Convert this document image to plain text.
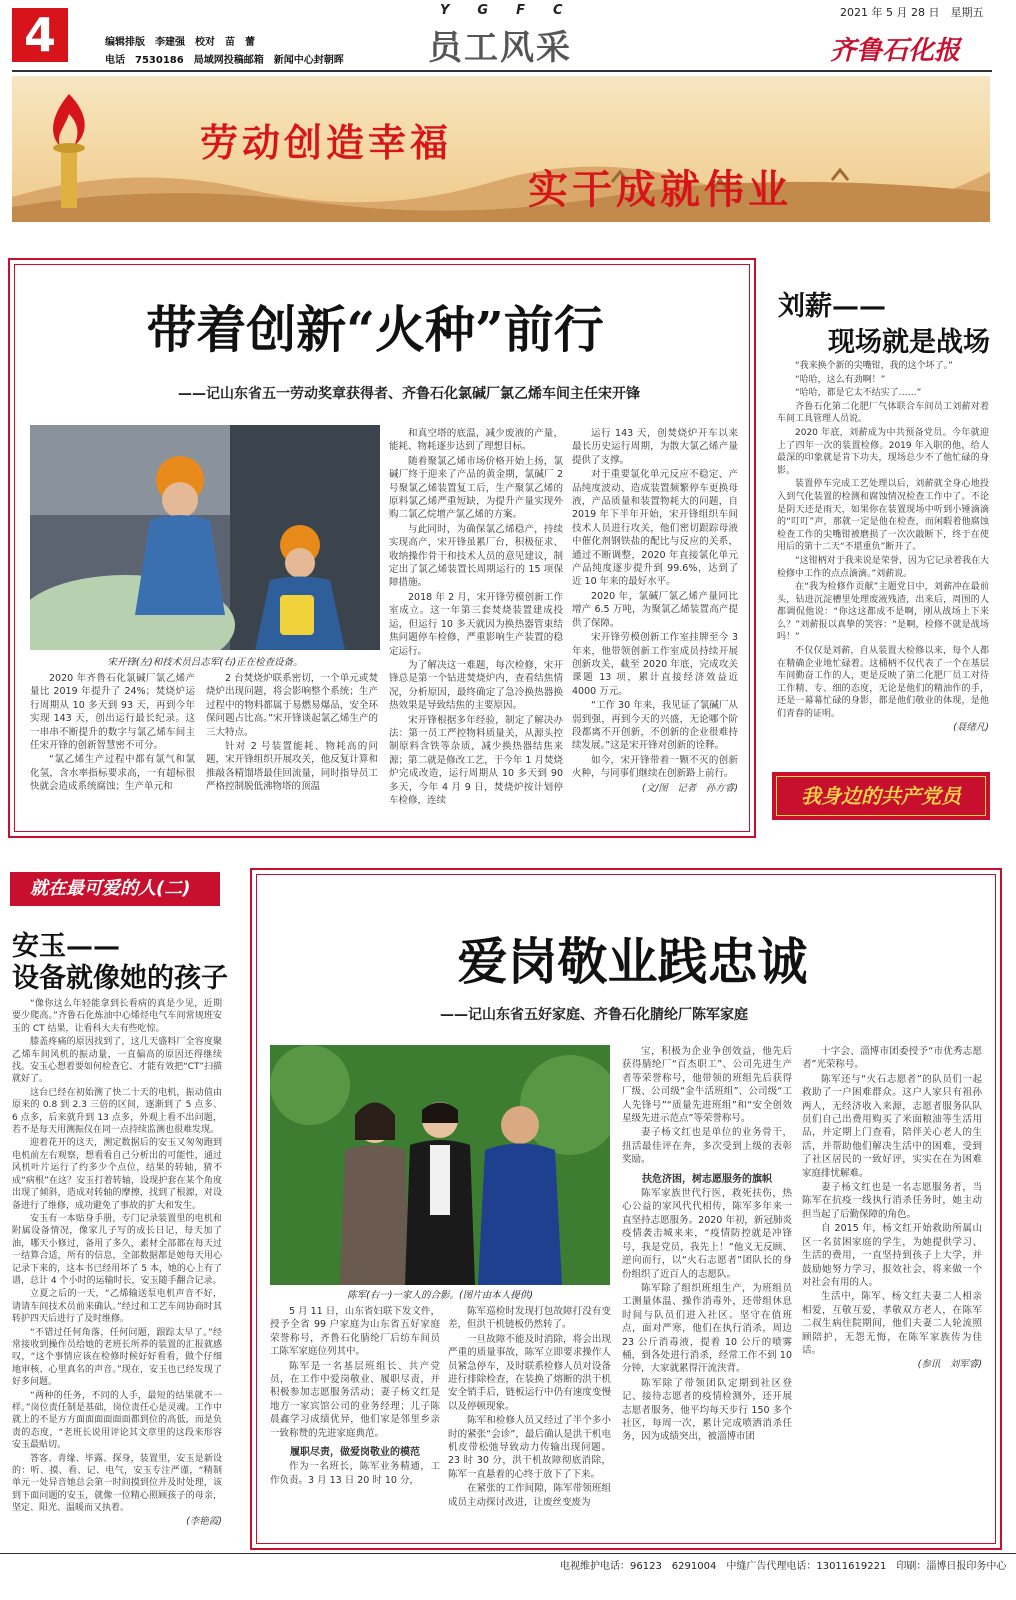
4	编辑排版　李建强　校对　苗　蕾
电话　7530186　局域网投稿邮箱　新闻中心封朝晖
YGFC
员工风采
2021 年 5 月 28 日　星期五
齐鲁石化报
劳动创造幸福
实干成就伟业
带着创新“火种”前行
——记山东省五一劳动奖章获得者、齐鲁石化氯碱厂氯乙烯车间主任宋开锋
宋开锋(左)和技术员吕志军(右)正在检查设备。

2020 年齐鲁石化氯碱厂氯乙烯产量比 2019 年提升了 24%；焚烧炉运行周期从 10 多天到 93 天，再到今年实现 143 天，创出运行最长纪录。这一串串不断提升的数字与氯乙烯车间主任宋开锋的创新智慧密不可分。

“氯乙烯生产过程中都有氯气和氯化氢，含水率指标要求高，一有超标很快就会造成系统腐蚀；生产单元和

2 台焚烧炉联系密切，一个单元或焚烧炉出现问题，将会影响整个系统；生产过程中的物料都属于易燃易爆品，安全环保问题占比高。”宋开锋谈起氯乙烯生产的三大特点。

针对 2 号装置能耗、物耗高的问题，宋开锋组织开展攻关，他反复计算和推敲各精馏塔最佳回流量，同时指导员工严格控制脱低沸物塔的顶温

和真空塔的底温，减少废液的产量，能耗、物耗逐步达到了理想目标。

随着聚氯乙烯市场价格开始上扬，氯碱厂终于迎来了产品的黄金期，氯碱厂 2 号聚氯乙烯装置复工后，生产聚氯乙烯的原料氯乙烯严重短缺，为提升产量实现外购二氯乙烷增产氯乙烯的方案。

与此同时，为确保氯乙烯稳产，持续实现高产，宋开锋虽累厂台，积极征求、收纳操作骨干和技术人员的意见建议，制定出了氯乙烯装置长周期运行的 15 项保障措施。

2018 年 2 月，宋开锋劳模创新工作室成立。这一年第三套焚烧装置建成投运，但运行 10 多天就因为换热器管束结焦问题停车检修，严重影响生产装置的稳定运行。

为了解决这一难题，每次检修，宋开锋总是第一个钻进焚烧炉内，查看结焦情况，分析原因，最终确定了急冷换热器换热效果是导致结焦的主要原因。

宋开锋根据多年经验，制定了解决办法：第一员工严控物料质量关，从源头控制原料含铁等杂质，减少换热器结焦来源；第二就是修改工艺，于今年 1 月焚烧炉完成改造，运行周期从 10 多天到 90 多天，今年 4 月 9 日，焚烧炉按计划停车检修，连续

运行 143 天，创焚烧炉开车以来最长历史运行周期，为散大氯乙烯产量提供了支撑。

对于重要氯化单元反应不稳定、产品纯度波动、造成装置频繁停车更换母液，产品质量和装置物耗大的问题，自 2019 年下半年开始，宋开锋组织车间技术人员进行攻关，他们密切跟踪母液中催化剂钢铁盐的配比与反应的关系，通过不断调整，2020 年直接氯化单元产品纯度逐步提升到 99.6%，达到了近 10 年来的最好水平。

2020 年，氯碱厂氯乙烯产量同比增产 6.5 万吨，为聚氯乙烯装置高产提供了保障。

宋开锋劳模创新工作室挂牌至今 3 年来，他带领创新工作室成员持续开展创新攻关，截至 2020 年底，完成攻关课题 13 项，累计直接经济效益近 4000 万元。

“工作 30 年来，我见证了氯碱厂从弱到强，再到今天的兴盛，无论哪个阶段都离不开创新，不创新的企业很难持续发展。”这是宋开锋对创新的诠释。

如今，宋开锋带着一颗不灭的创新火种，与同事们继续在创新路上前行。

(文/图　记者　孙方睿)
刘薪——
现场就是战场

“我来换个新的尖嘴钳，我的这个坏了。”

“哈哈，这么有劲啊！”

“哈哈，都是它太不结实了……”

齐鲁石化第二化肥厂气体联合车间员工刘薪对着车间工具管理人员说。

2020 年底，刘薪成为中共预备党员。今年就迎上了四年一次的装置检修。2019 年入职的他，给人最深的印象就是肯下功夫，现场总少不了他忙碌的身影。

装置停车完成工艺处理以后，刘薪就全身心地投入到气化装置的检测和腐蚀情况检查工作中了。不论是阴天还是雨天，如果你在装置现场中听到小锤滴滴的“叮叮”声，那就一定是他在检查，而闲暇着他腐蚀检查工作的尖嘴钳被磨损了一次次敲断下，终于在使用后的第十二天“不堪重负”断开了。

“这钳柄对于我来说是荣誉，因为它记录着我在大检修中工作的点点滴滴。”刘薪说。

在“我为检修作贡献”主题党日中，刘薪冲在最前头，钻进沉淀槽里处理废液残渣，出来后，周围的人都调侃他说：“你这这都成不是啊，刚从战场上下来么？”刘薪报以真挚的笑容：“是啊，检修不就是战场吗！”

不仅仅是刘薪，自从装置大检修以来，每个人都在精确企业地忙碌着。这桶柄不仅代表了一个在基层车间勤奋工作的人，更是反映了第二化肥厂员工对待工作精、专、细的态度，无论是他们的精油作的手，还是一幕幕忙碌的身影，都是他们敬业的体现，是他们青春的证明。

(聂绪凡)
我身边的共产党员
爱岗敬业践忠诚
——记山东省五好家庭、齐鲁石化腈纶厂陈军家庭
陈军(右一)一家人的合影。(图片由本人提供)

5 月 11 日，山东省妇联下发文件，授予全省 99 户家庭为山东省五好家庭荣誉称号，齐鲁石化腈纶厂后纺车间员工陈军家庭位列其中。

陈军是一名基层班组长、共产党员，在工作中爱岗敬业、履职尽责，并积极参加志愿服务活动；妻子杨文红是地方一家宾馆公司的业务经理；儿子陈晨鑫学习成绩优异，他们家是邻里乡亲一致称赞的先进家庭典范。

履职尽责，做爱岗敬业的模范

作为一名班长，陈军业务精通，工作负责。3 月 13 日 20 时 10 分，

陈军巡检时发现打包故障打没有变差，但洪干机链板仍然转了。

一旦故障不能及时消除，将会出现严重的质量事故，陈军立即要求操作人员紧急停车，及时联系检修人员对设备进行排除检查，在装换了熔断的洪干机安全销手后，链板运行中仍有速度变慢以及停顿现象。

陈军和检修人员又经过了半个多小时的紧张“会诊”，最后确认是洪干机电机皮带松弛导致动力传输出现问题。23 时 30 分，洪干机故障彻底消除，陈军一直悬着的心终于放下了下来。

在紧张的工作间隙，陈军带领班组成员主动探讨改进，让废丝变废为

宝，积极为企业争创效益，他先后获得腈纶厂“百杰职工”、公司先进生产者等荣誉称号，他带领的班组先后获得厂级、公司级“金牛活班组”、公司级“工人先锋号”“质量先进班组”和“安全创效星级先进示范点”等荣誉称号。

妻子杨文红也是单位的业务骨干，扭活最佳评在奔，多次受到上级的表彰奖励。

扶危济困，树志愿服务的旗帜

陈军家族世代行医，救死扶伤，热心公益的家风代代相传，陈军多年来一直坚持志愿服务。2020 年初，新冠肺炎疫情袭击城来来，“疫情防控就是冲锋号，我是党员，我先上！”他义无反顾、逆向而行，以“火石志愿者”团队长的身份组织了近百人的志愿队。

陈军除了组织班组生产，为班组员工测量体温、操作消毒外，还带组休息时间与队员们进入社区。坚守在值班点，面对严寒，他们在执行消杀，周边 23 公斤消毒液，提着 10 公斤的喷雾桶，到各处进行消杀，经常工作不到 10 分钟，大家就累得汗流浃背。

陈军除了带领团队定期到社区登记、接待志愿者的疫情检测外，还开展志愿者服务，他平均每天步行 150 多个社区，每周一次，累计完成喷洒消杀任务，因为成绩突出，被淄博市团

十字会、淄博市团委授予“市优秀志愿者”光荣称号。

陈军还与“火石志愿者”的队员们一起救助了一户困难群众。这户人家只有祖孙两人，无经济收入来源，志愿者服务队队员们自己出费用购买了米面粮油等生活用品，并定期上门查看，陪伴关心老人的生活，并帮助他们解决生活中的困难，受到了社区居民的一致好评，实实在在为困难家庭排忧解难。

妻子杨文红也是一名志愿服务者，当陈军在抗疫一线执行消杀任务时，她主动担当起了后勤保障的角色。

自 2015 年，杨文红开始救助所属山区一名贫困家庭的学生，为她提供学习、生活的费用，一直坚持到孩子上大学，并鼓励她努力学习，报效社会，将来做一个对社会有用的人。

生活中，陈军、杨文红夫妻二人相亲相爱，互敬互爱，孝敬双方老人，在陈军二叔生病住院期间，他们夫妻二人轮流照顾陪护，无怨无悔，在陈军家族传为佳话。

(参讯　刘军睿)
就在最可爱的人(二)
安玉——
设备就像她的孩子

“像你这么年轻能拿到长看病的真是少见，近期要少爬高。”齐鲁石化炼油中心烯烃电气车间常规班安玉的 CT 结果，让看科大夫有些吃惊。

膝盖疼痛的原因找到了，这几天盛料厂全容度聚乙烯车间风机的振动量，一直偏高的原因还得继续找。安玉心想着要如何检查它、才能有效把“CT”扫描就好了。

这台已经在初始测了快二十天的电机，振动值由原来的 0.8 到 2.3 三倍的区间，逐渐到了 5 点多、6 点多，后来就升到 13 点多，外观上看不出问题，若不是每天用测振仪在同一点持续监测也很难发现。

迎着花开的这天，测定数据后的安玉又匆匆跑到电机前左右观察，想看看自己分析出的可能性，通过风机叶片运行了约多少个点位，结果的转轴，猜不成“病根”在这？安玉打着转轴，设现护套在某个角度出现了倾斜，造成对转轴的摩擦，找到了根源，对设备进行了维修，成功避免了事故的扩大和发生。

安玉有一本贴身手册，专门记录装置里的电机和附属设备情况，像家儿子写的成长日记，每天加了油，哪天小修过，备用了多久，素材全部都在每天过一结算合适，所有的信息，全部数据都是她每天用心记录下来的，这本书已经用坏了 5 本，她的心上有了谱，总计 4 个小时的运输时长，安玉随手翻合记录。

立夏之后的一天，“乙烯输送泵电机声音不好，请请车间技术员前来确认。”经过和工艺车间协商时其转护四天后进行了及时维修。

“不错过任何角落，任何问题，跟踪太早了。”经常接收到操作员给她的老班长所养的装置的汇报就感叹，“这个事情应该在检修时候好好看看，做个仔细地审核、心里真名的声音。”现在，安玉也已经发现了好多问题。

“两种的任务，不同的人手，最短的结果就不一样。”岗位责任制是基础，岗位责任心是灵魂。工作中就上的不是方方面面面面面面都到位的高低，而是负责的态度，“老班长说用评论其文章里的这段来形容安玉最贴切。

答客、青缘、毕露、探身，装置里，安玉是新设的：听、摸、看、记、电气，安玉专注严谨，“精制单元一处异音她总会第一时间摸到位并及时处理，该到下面问题的安玉，就像一位精心照顾孩子的母亲，坚定、阳光、温暖而又执着。

(李艳霞)
电视维护电话：96123　6291004　中缝广告代理电话：13011619221　印刷：淄博日报印务中心
